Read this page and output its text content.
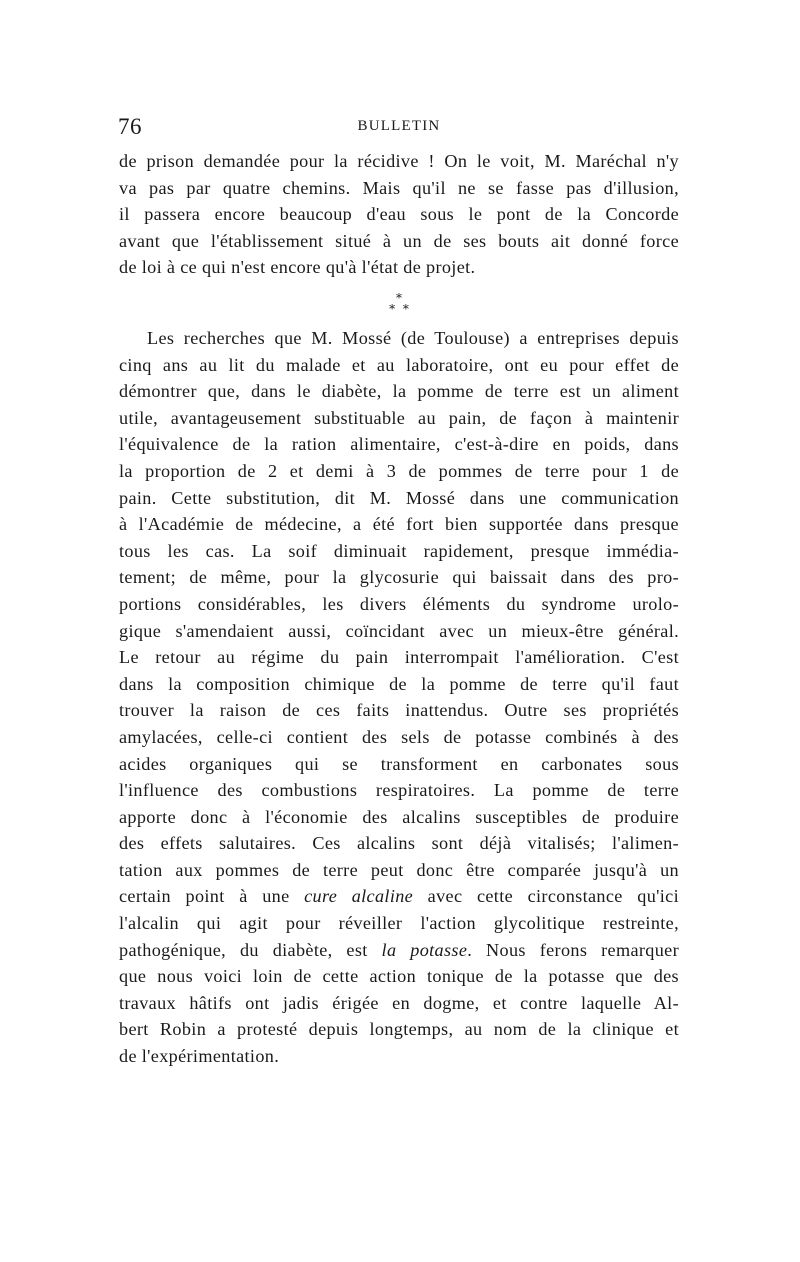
76	BULLETIN
de prison demandée pour la récidive ! On le voit, M. Maréchal n'y
va pas par quatre chemins. Mais qu'il ne se fasse pas d'illusion,
il passera encore beaucoup d'eau sous le pont de la Concorde
avant que l'établissement situé à un de ses bouts ait donné force
de loi à ce qui n'est encore qu'à l'état de projet.
*
* *
Les recherches que M. Mossé (de Toulouse) a entreprises depuis
cinq ans au lit du malade et au laboratoire, ont eu pour effet de
démontrer que, dans le diabète, la pomme de terre est un aliment
utile, avantageusement substituable au pain, de façon à maintenir
l'équivalence de la ration alimentaire, c'est-à-dire en poids, dans
la proportion de 2 et demi à 3 de pommes de terre pour 1 de
pain. Cette substitution, dit M. Mossé dans une communication
à l'Académie de médecine, a été fort bien supportée dans presque
tous les cas. La soif diminuait rapidement, presque immédia-
tement; de même, pour la glycosurie qui baissait dans des pro-
portions considérables, les divers éléments du syndrome urolo-
gique s'amendaient aussi, coïncidant avec un mieux-être général.
Le retour au régime du pain interrompait l'amélioration. C'est
dans la composition chimique de la pomme de terre qu'il faut
trouver la raison de ces faits inattendus. Outre ses propriétés
amylacées, celle-ci contient des sels de potasse combinés à des
acides organiques qui se transforment en carbonates sous
l'influence des combustions respiratoires. La pomme de terre
apporte donc à l'économie des alcalins susceptibles de produire
des effets salutaires. Ces alcalins sont déjà vitalisés; l'alimen-
tation aux pommes de terre peut donc être comparée jusqu'à un
certain point à une cure alcaline avec cette circonstance qu'ici
l'alcalin qui agit pour réveiller l'action glycolitique restreinte,
pathogénique, du diabète, est la potasse. Nous ferons remarquer
que nous voici loin de cette action tonique de la potasse que des
travaux hâtifs ont jadis érigée en dogme, et contre laquelle Al-
bert Robin a protesté depuis longtemps, au nom de la clinique et
de l'expérimentation.
